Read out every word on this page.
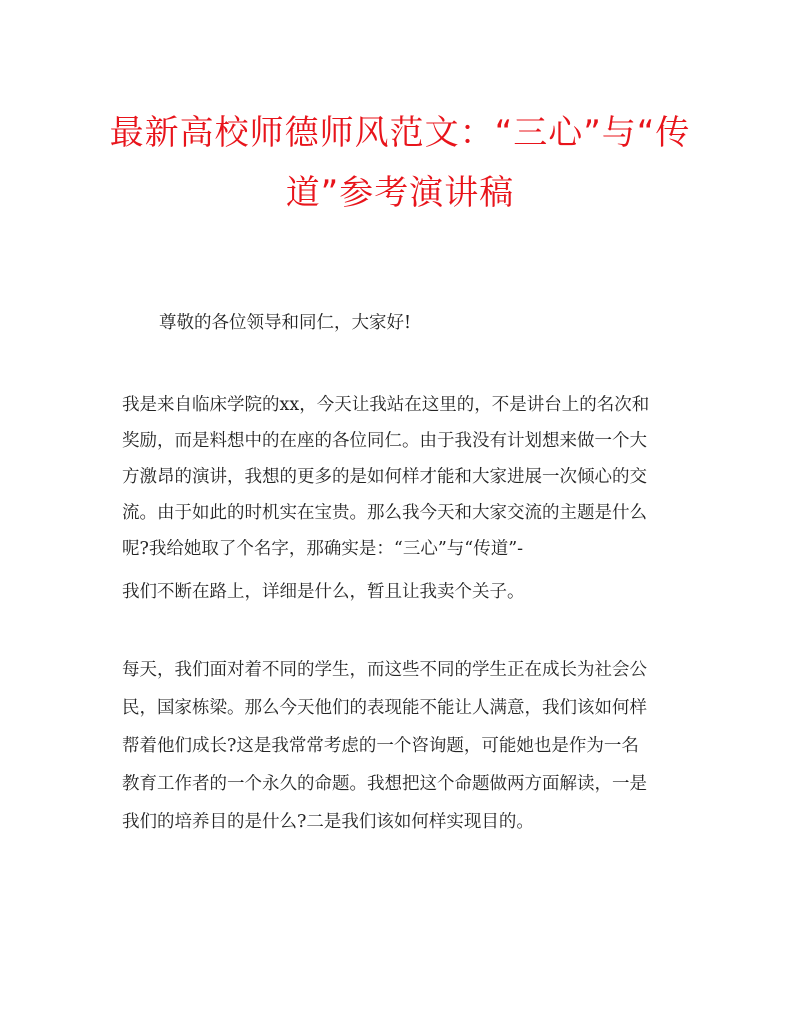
最新高校师德师风范文：“三心”与“传
道”参考演讲稿
尊敬的各位领导和同仁，大家好!
我是来自临床学院的xx，今天让我站在这里的，不是讲台上的名次和
奖励，而是料想中的在座的各位同仁。由于我没有计划想来做一个大
方激昂的演讲，我想的更多的是如何样才能和大家进展一次倾心的交
流。由于如此的时机实在宝贵。那么我今天和大家交流的主题是什么
呢?我给她取了个名字，那确实是：“三心”与“传道”-
我们不断在路上，详细是什么，暂且让我卖个关子。
每天，我们面对着不同的学生，而这些不同的学生正在成长为社会公
民，国家栋梁。那么今天他们的表现能不能让人满意，我们该如何样
帮着他们成长?这是我常常考虑的一个咨询题，可能她也是作为一名
教育工作者的一个永久的命题。我想把这个命题做两方面解读，一是
我们的培养目的是什么?二是我们该如何样实现目的。
